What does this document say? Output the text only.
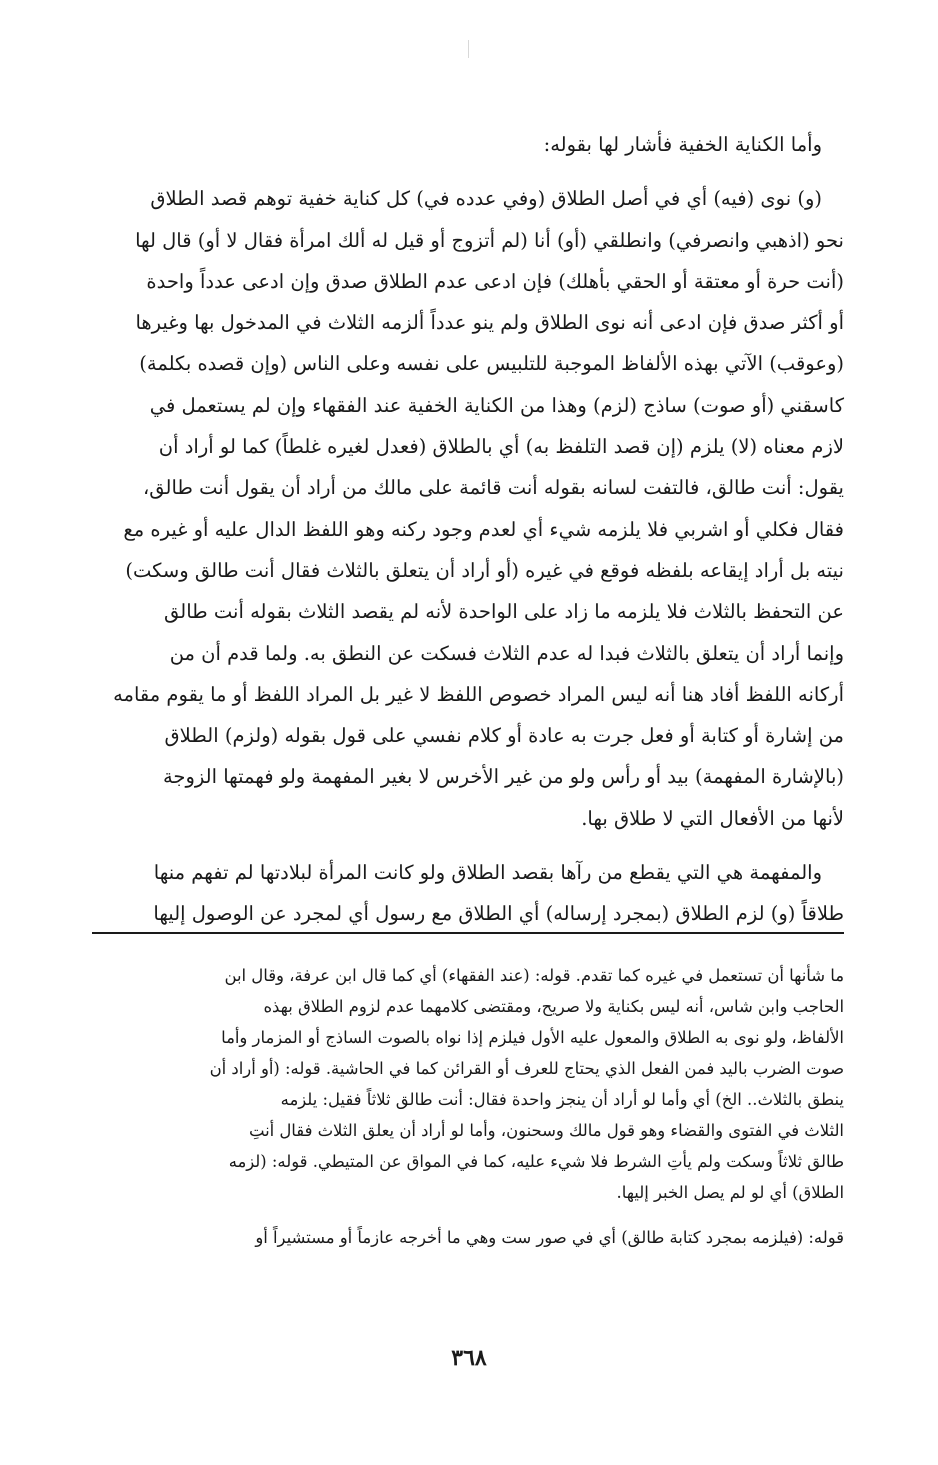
وأما الكناية الخفية فأشار لها بقوله:

(و) نوى (فيه) أي في أصل الطلاق (وفي عدده في) كل كناية خفية توهم قصد الطلاق
نحو (اذهبي وانصرفي) وانطلقي (أو) أنا (لم أتزوج أو قيل له ألك امرأة فقال لا أو) قال لها
(أنت حرة أو معتقة أو الحقي بأهلك) فإن ادعى عدم الطلاق صدق وإن ادعى عدداً واحدة
أو أكثر صدق فإن ادعى أنه نوى الطلاق ولم ينو عدداً ألزمه الثلاث في المدخول بها وغيرها
(وعوقب) الآتي بهذه الألفاظ الموجبة للتلبيس على نفسه وعلى الناس (وإن قصده بكلمة)
كاسقني (أو صوت) ساذج (لزم) وهذا من الكناية الخفية عند الفقهاء وإن لم يستعمل في
لازم معناه (لا) يلزم (إن قصد التلفظ به) أي بالطلاق (فعدل لغيره غلطاً) كما لو أراد أن
يقول: أنت طالق، فالتفت لسانه بقوله أنت قائمة على مالك من أراد أن يقول أنت طالق،
فقال فكلي أو اشربي فلا يلزمه شيء أي لعدم وجود ركنه وهو اللفظ الدال عليه أو غيره مع
نيته بل أراد إيقاعه بلفظه فوقع في غيره (أو أراد أن يتعلق بالثلاث فقال أنت طالق وسكت)
عن التحفظ بالثلاث فلا يلزمه ما زاد على الواحدة لأنه لم يقصد الثلاث بقوله أنت طالق
وإنما أراد أن يتعلق بالثلاث فبدا له عدم الثلاث فسكت عن النطق به. ولما قدم أن من
أركانه اللفظ أفاد هنا أنه ليس المراد خصوص اللفظ لا غير بل المراد اللفظ أو ما يقوم مقامه
من إشارة أو كتابة أو فعل جرت به عادة أو كلام نفسي على قول بقوله (ولزم) الطلاق
(بالإشارة المفهمة) بيد أو رأس ولو من غير الأخرس لا بغير المفهمة ولو فهمتها الزوجة
لأنها من الأفعال التي لا طلاق بها.

والمفهمة هي التي يقطع من رآها بقصد الطلاق ولو كانت المرأة لبلادتها لم تفهم منها
طلاقاً (و) لزم الطلاق (بمجرد إرساله) أي الطلاق مع رسول أي لمجرد عن الوصول إليها

ما شأنها أن تستعمل في غيره كما تقدم. قوله: (عند الفقهاء) أي كما قال ابن عرفة، وقال ابن
الحاجب وابن شاس، أنه ليس بكناية ولا صريح، ومقتضى كلامهما عدم لزوم الطلاق بهذه
الألفاظ، ولو نوى به الطلاق والمعول عليه الأول فيلزم إذا نواه بالصوت الساذج أو المزمار وأما
صوت الضرب باليد فمن الفعل الذي يحتاج للعرف أو القرائن كما في الحاشية. قوله: (أو أراد أن
ينطق بالثلاث.. الخ) أي وأما لو أراد أن ينجز واحدة فقال: أنت طالق ثلاثاً فقيل: يلزمه
الثلاث في الفتوى والقضاء وهو قول مالك وسحنون، وأما لو أراد أن يعلق الثلاث فقال أنتِ
طالق ثلاثاً وسكت ولم يأتِ الشرط فلا شيء عليه، كما في المواق عن المتيطي. قوله: (لزمه
الطلاق) أي لو لم يصل الخبر إليها.

قوله: (فيلزمه بمجرد كتابة طالق) أي في صور ست وهي ما أخرجه عازماً أو مستشيراً أو

٣٦٨
